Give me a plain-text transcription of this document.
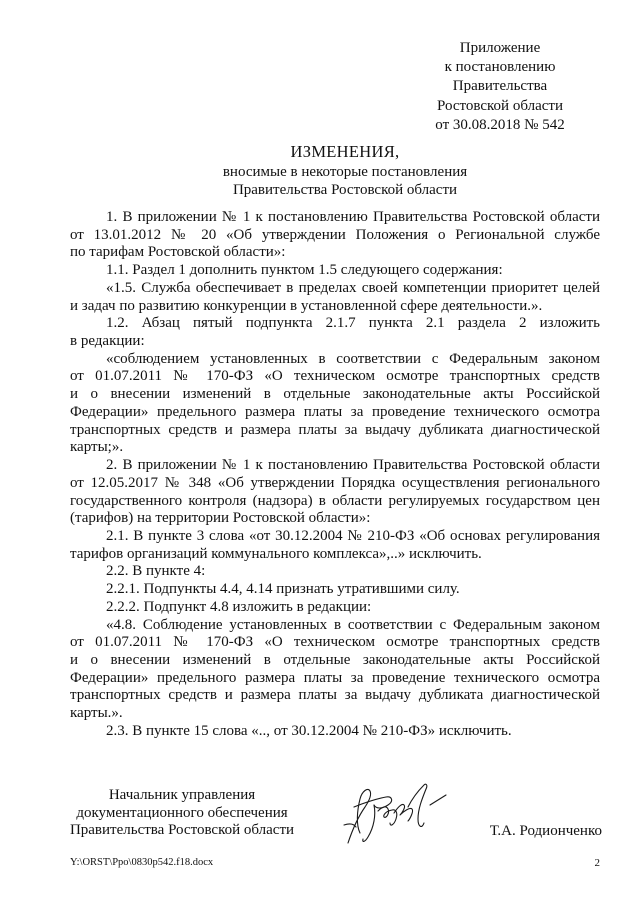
Приложение
к постановлению
Правительства
Ростовской области
от 30.08.2018 № 542
ИЗМЕНЕНИЯ,
вносимые в некоторые постановления
Правительства Ростовской области
1. В приложении № 1 к постановлению Правительства Ростовской области
от 13.01.2012 № 20 «Об утверждении Положения о Региональной службе
по тарифам Ростовской области»:
1.1. Раздел 1 дополнить пунктом 1.5 следующего содержания:
«1.5. Служба обеспечивает в пределах своей компетенции приоритет целей
и задач по развитию конкуренции в установленной сфере деятельности.».
1.2. Абзац пятый подпункта 2.1.7 пункта 2.1 раздела 2 изложить
в редакции:
«соблюдением установленных в соответствии с Федеральным законом
от 01.07.2011 № 170-ФЗ «О техническом осмотре транспортных средств
и о внесении изменений в отдельные законодательные акты Российской
Федерации» предельного размера платы за проведение технического осмотра
транспортных средств и размера платы за выдачу дубликата диагностической
карты;».
2. В приложении № 1 к постановлению Правительства Ростовской области
от 12.05.2017 № 348 «Об утверждении Порядка осуществления регионального
государственного контроля (надзора) в области регулируемых государством цен
(тарифов) на территории Ростовской области»:
2.1. В пункте 3 слова «от 30.12.2004 № 210-ФЗ «Об основах регулирования
тарифов организаций коммунального комплекса»,..» исключить.
2.2. В пункте 4:
2.2.1. Подпункты 4.4, 4.14 признать утратившими силу.
2.2.2. Подпункт 4.8 изложить в редакции:
«4.8. Соблюдение установленных в соответствии с Федеральным законом
от 01.07.2011 № 170-ФЗ «О техническом осмотре транспортных средств
и о внесении изменений в отдельные законодательные акты Российской
Федерации» предельного размера платы за проведение технического осмотра
транспортных средств и размера платы за выдачу дубликата диагностической
карты.».
2.3. В пункте 15 слова «.., от 30.12.2004 № 210-ФЗ» исключить.
Начальник управления
документационного обеспечения
Правительства Ростовской области	Т.А. Родионченко
Y:\ORST\Ppo\0830p542.f18.docx	2
